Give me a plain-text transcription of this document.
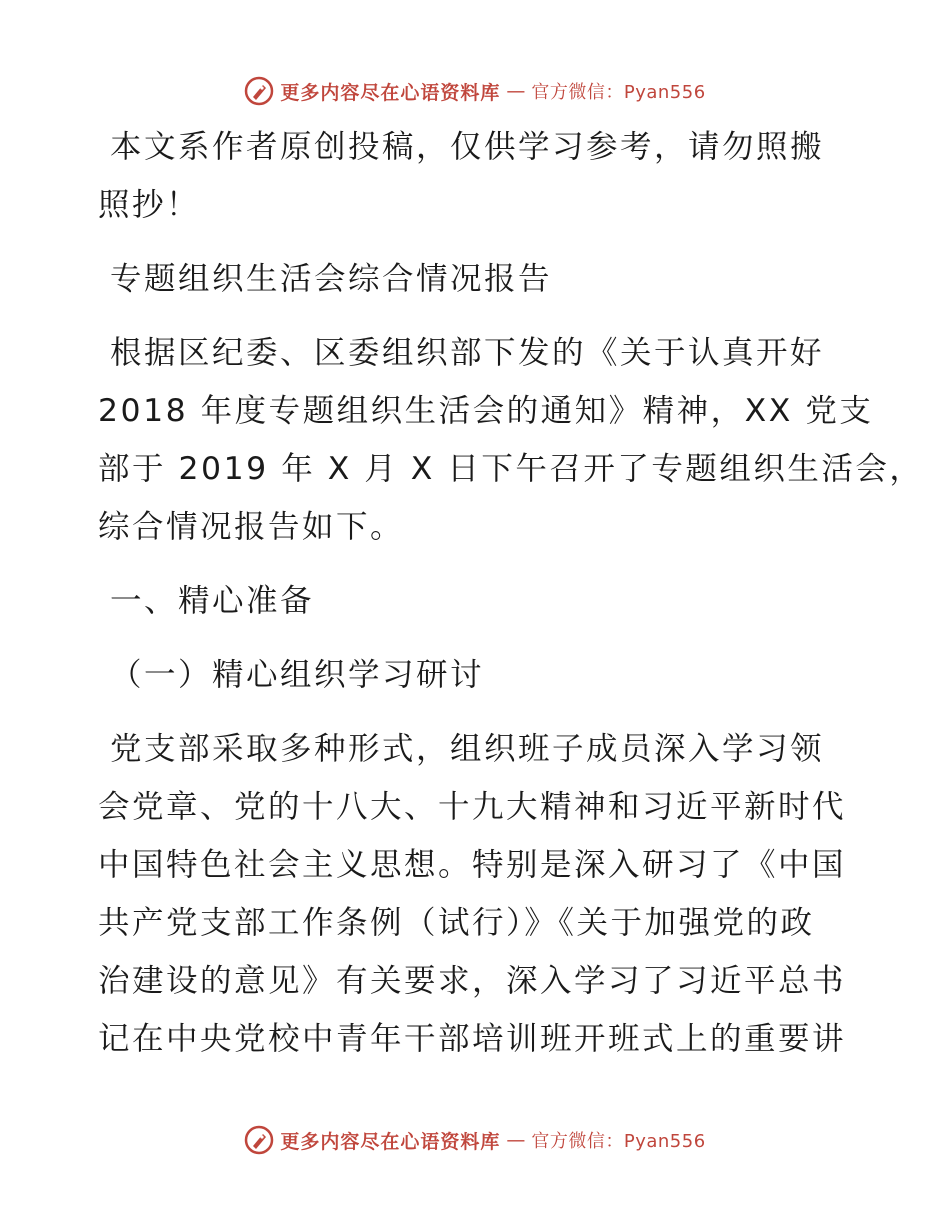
更多内容尽在心语资料库 — 官方微信：Pyan556

本文系作者原创投稿，仅供学习参考，请勿照搬
照抄！

专题组织生活会综合情况报告

根据区纪委、区委组织部下发的《关于认真开好
2018 年度专题组织生活会的通知》精神，XX 党支
部于 2019 年 X 月 X 日下午召开了专题组织生活会，
综合情况报告如下。

一、精心准备

（一）精心组织学习研讨

党支部采取多种形式，组织班子成员深入学习领
会党章、党的十八大、十九大精神和习近平新时代
中国特色社会主义思想。特别是深入研习了《中国
共产党支部工作条例（试行）》《关于加强党的政
治建设的意见》有关要求，深入学习了习近平总书
记在中央党校中青年干部培训班开班式上的重要讲

更多内容尽在心语资料库 — 官方微信：Pyan556
